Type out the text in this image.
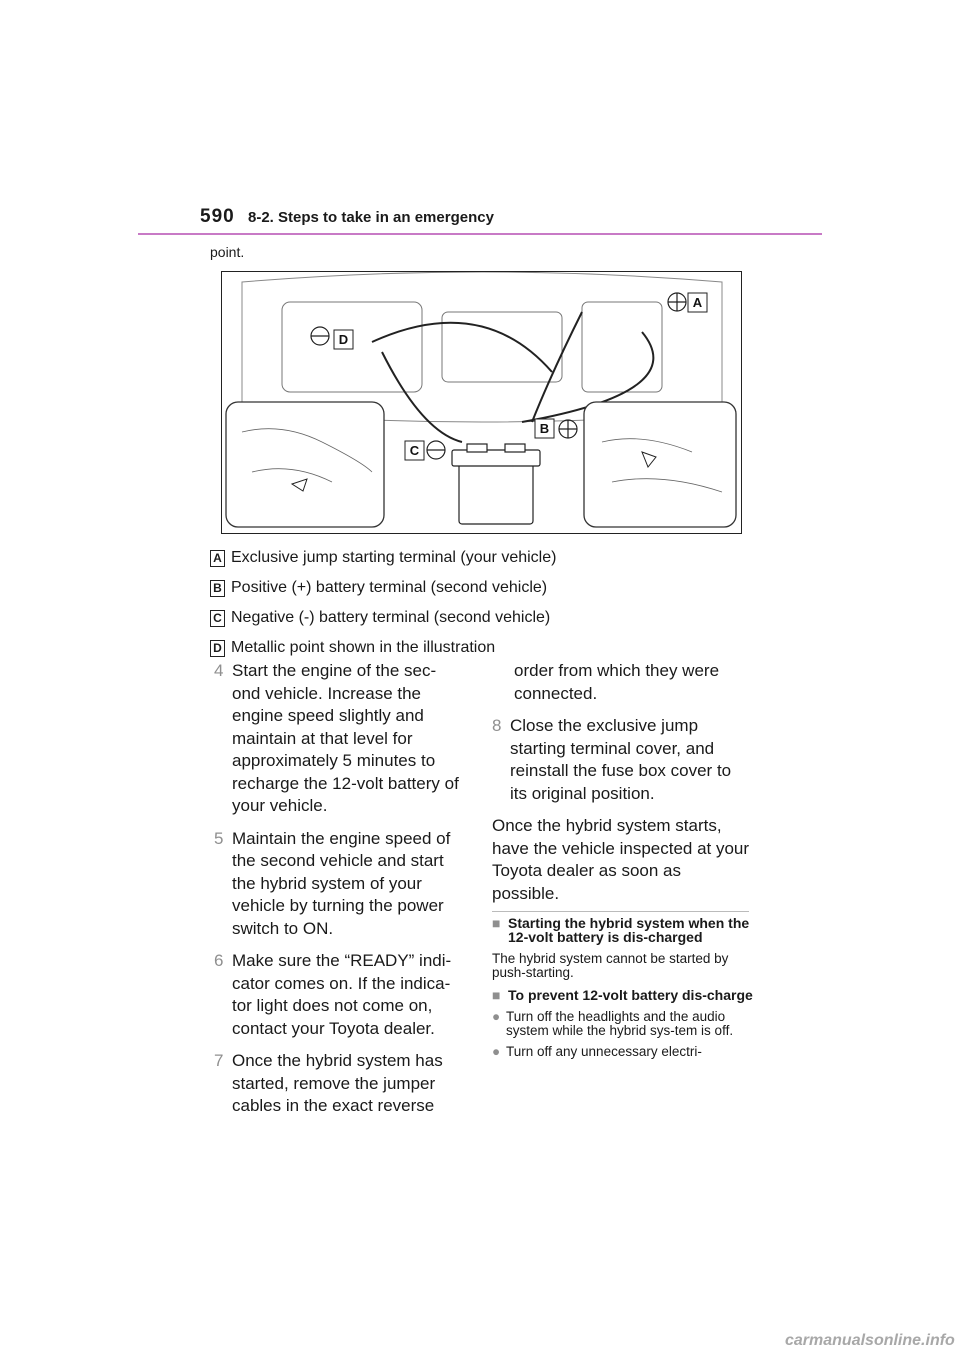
590 8-2. Steps to take in an emergency
point.
A
B
C
D
A Exclusive jump starting terminal (your vehicle)
B Positive (+) battery terminal (second vehicle)
C Negative (-) battery terminal (second vehicle)
D Metallic point shown in the illustration
4 Start the engine of the sec-ond vehicle. Increase the engine speed slightly and maintain at that level for approximately 5 minutes to recharge the 12-volt battery of your vehicle.
5 Maintain the engine speed of the second vehicle and start the hybrid system of your vehicle by turning the power switch to ON.
6 Make sure the “READY” indi-cator comes on. If the indica-tor light does not come on, contact your Toyota dealer.
7 Once the hybrid system has started, remove the jumper cables in the exact reverse
order from which they were connected.
8 Close the exclusive jump starting terminal cover, and reinstall the fuse box cover to its original position.
Once the hybrid system starts, have the vehicle inspected at your Toyota dealer as soon as possible.
■ Starting the hybrid system when the 12-volt battery is dis-charged
The hybrid system cannot be started by push-starting.
■ To prevent 12-volt battery dis-charge
● Turn off the headlights and the audio system while the hybrid sys-tem is off.
● Turn off any unnecessary electri-
carmanualsonline.info
